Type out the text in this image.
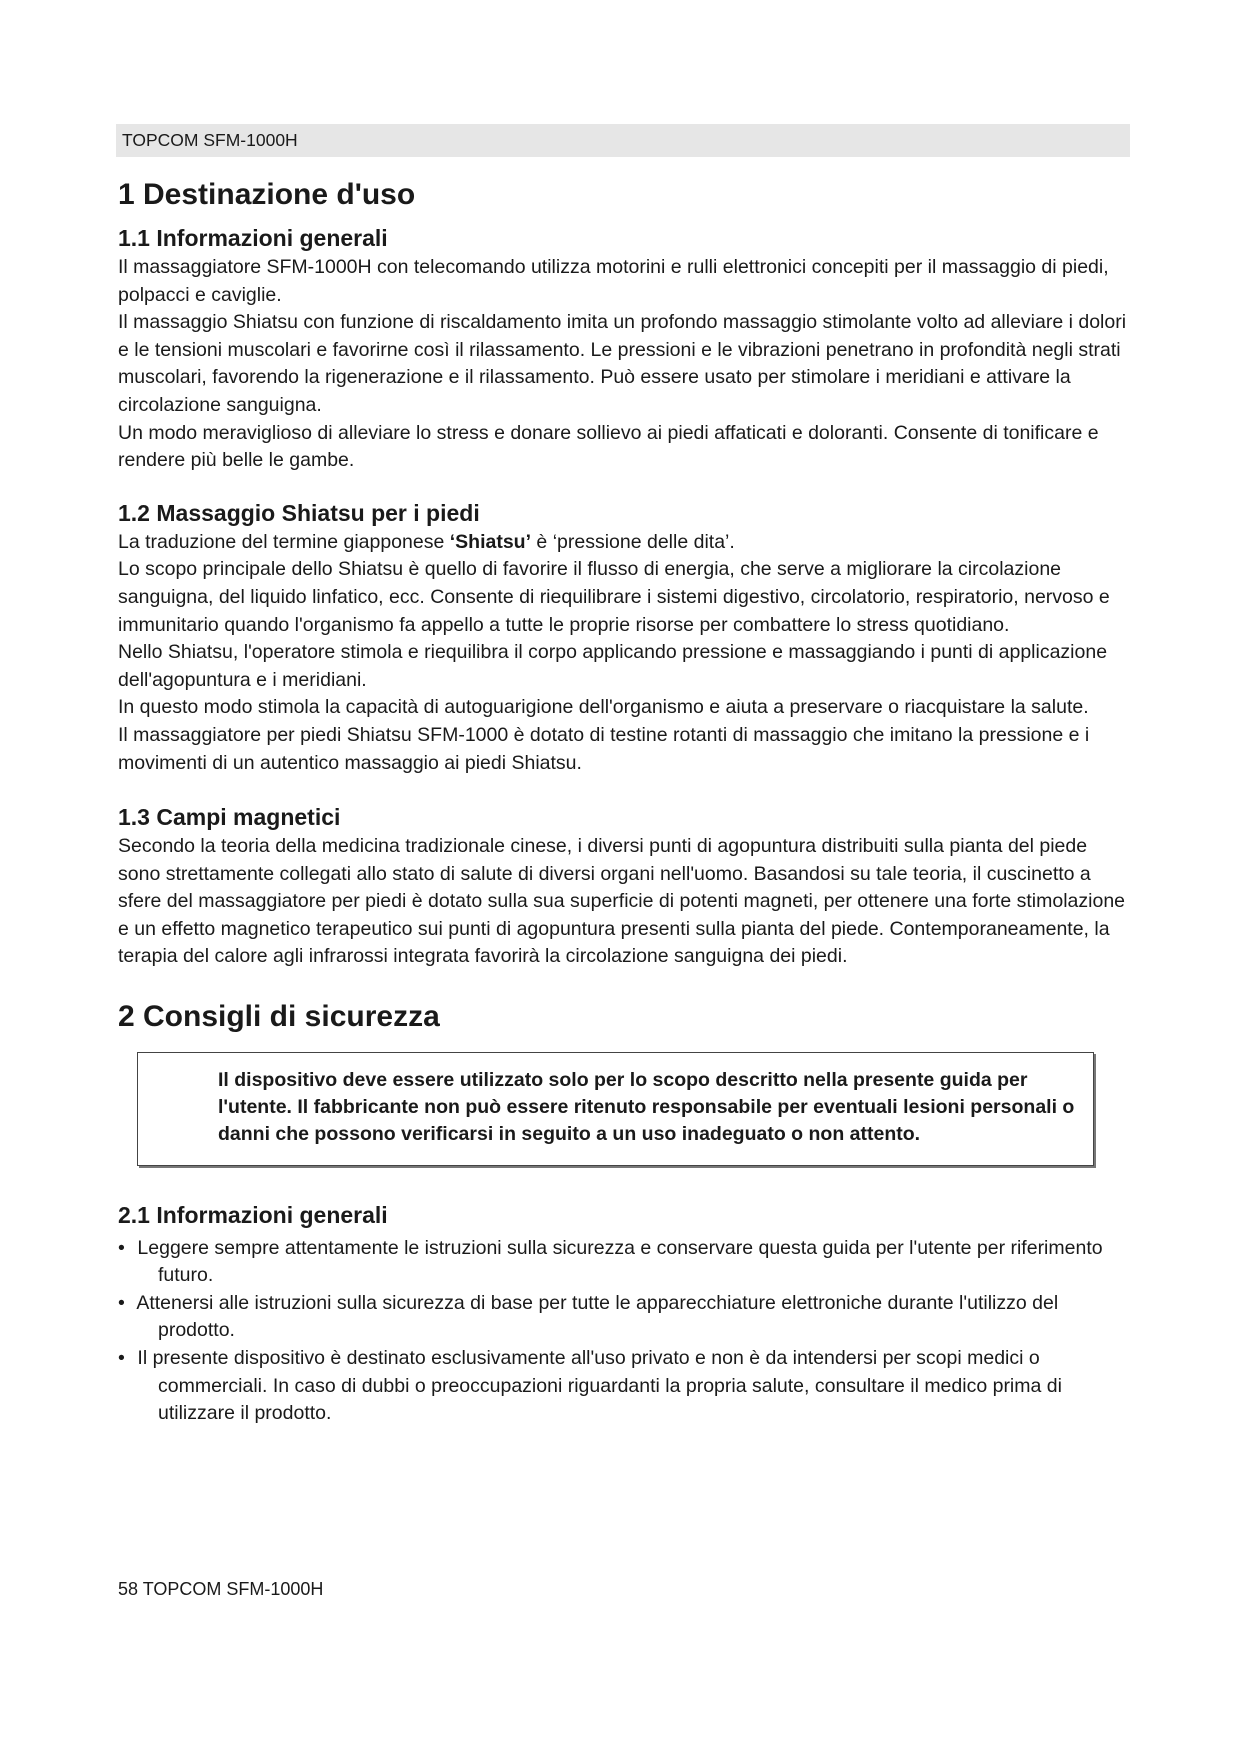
TOPCOM SFM-1000H
1 Destinazione d'uso
1.1 Informazioni generali

Il massaggiatore SFM-1000H con telecomando utilizza motorini e rulli elettronici concepiti per il massaggio di piedi, polpacci e caviglie.

Il massaggio Shiatsu con funzione di riscaldamento imita un profondo massaggio stimolante volto ad alleviare i dolori e le tensioni muscolari e favorirne così il rilassamento. Le pressioni e le vibrazioni penetrano in profondità negli strati muscolari, favorendo la rigenerazione e il rilassamento. Può essere usato per stimolare i meridiani e attivare la circolazione sanguigna.

Un modo meraviglioso di alleviare lo stress e donare sollievo ai piedi affaticati e doloranti. Consente di tonificare e rendere più belle le gambe.

1.2 Massaggio Shiatsu per i piedi

La traduzione del termine giapponese ‘Shiatsu’ è ‘pressione delle dita’.

Lo scopo principale dello Shiatsu è quello di favorire il flusso di energia, che serve a migliorare la circolazione sanguigna, del liquido linfatico, ecc. Consente di riequilibrare i sistemi digestivo, circolatorio, respiratorio, nervoso e immunitario quando l'organismo fa appello a tutte le proprie risorse per combattere lo stress quotidiano.

Nello Shiatsu, l'operatore stimola e riequilibra il corpo applicando pressione e massaggiando i punti di applicazione dell'agopuntura e i meridiani.

In questo modo stimola la capacità di autoguarigione dell'organismo e aiuta a preservare o riacquistare la salute.

Il massaggiatore per piedi Shiatsu SFM-1000 è dotato di testine rotanti di massaggio che imitano la pressione e i movimenti di un autentico massaggio ai piedi Shiatsu.

1.3 Campi magnetici

Secondo la teoria della medicina tradizionale cinese, i diversi punti di agopuntura distribuiti sulla pianta del piede sono strettamente collegati allo stato di salute di diversi organi nell'uomo. Basandosi su tale teoria, il cuscinetto a sfere del massaggiatore per piedi è dotato sulla sua superficie di potenti magneti, per ottenere una forte stimolazione e un effetto magnetico terapeutico sui punti di agopuntura presenti sulla pianta del piede. Contemporaneamente, la terapia del calore agli infrarossi integrata favorirà la circolazione sanguigna dei piedi.

2 Consigli di sicurezza
Il dispositivo deve essere utilizzato solo per lo scopo descritto nella presente guida per l'utente. Il fabbricante non può essere ritenuto responsabile per eventuali lesioni personali o danni che possono verificarsi in seguito a un uso inadeguato o non attento.
2.1 Informazioni generali
• Leggere sempre attentamente le istruzioni sulla sicurezza e conservare questa guida per l'utente per riferimento futuro.
• Attenersi alle istruzioni sulla sicurezza di base per tutte le apparecchiature elettroniche durante l'utilizzo del prodotto.
• Il presente dispositivo è destinato esclusivamente all'uso privato e non è da intendersi per scopi medici o commerciali. In caso di dubbi o preoccupazioni riguardanti la propria salute, consultare il medico prima di utilizzare il prodotto.
58 TOPCOM SFM-1000H
